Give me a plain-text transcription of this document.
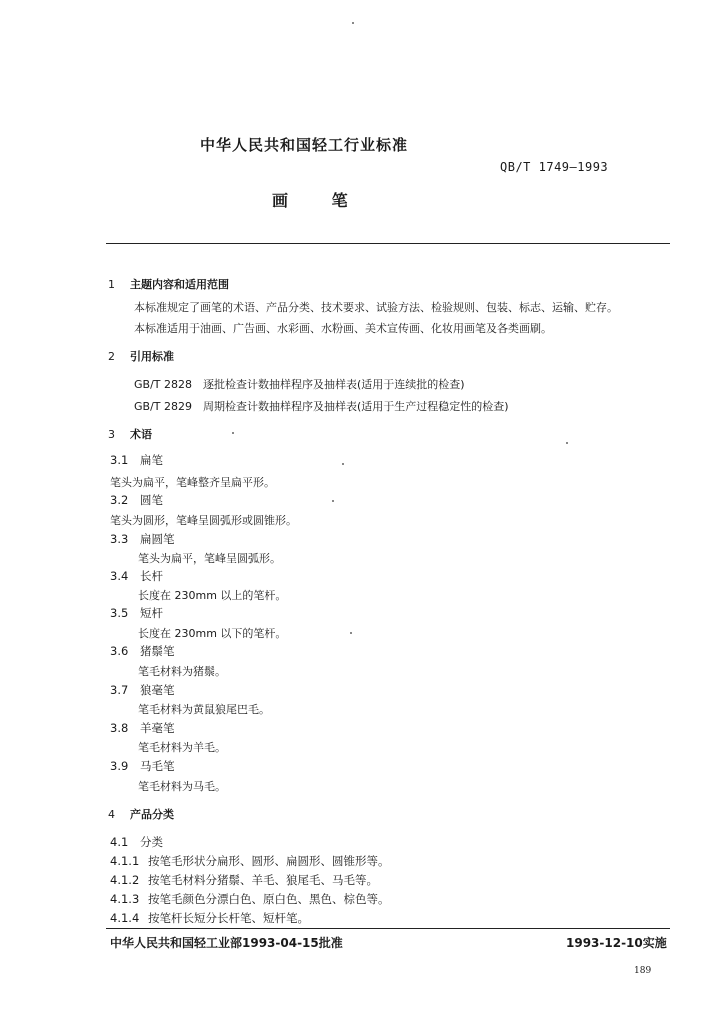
中华人民共和国轻工行业标准
QB/T 1749—1993
画 笔
1 主题内容和适用范围
本标准规定了画笔的术语、产品分类、技术要求、试验方法、检验规则、包装、标志、运输、贮存。
本标准适用于油画、广告画、水彩画、水粉画、美术宣传画、化妆用画笔及各类画刷。
2 引用标准
GB/T 2828　逐批检查计数抽样程序及抽样表(适用于连续批的检查)
GB/T 2829　周期检查计数抽样程序及抽样表(适用于生产过程稳定性的检查)
3 术语
3.1 扁笔
笔头为扁平，笔峰整齐呈扁平形。
3.2 圆笔
笔头为圆形，笔峰呈圆弧形或圆锥形。
3.3 扁圆笔
笔头为扁平，笔峰呈圆弧形。
3.4 长杆
长度在 230mm 以上的笔杆。
3.5 短杆
长度在 230mm 以下的笔杆。
3.6 猪鬃笔
笔毛材料为猪鬃。
3.7 狼毫笔
笔毛材料为黄鼠狼尾巴毛。
3.8 羊毫笔
笔毛材料为羊毛。
3.9 马毛笔
笔毛材料为马毛。
4 产品分类
4.1 分类
4.1.1 按笔毛形状分扁形、圆形、扁圆形、圆锥形等。
4.1.2 按笔毛材料分猪鬃、羊毛、狼尾毛、马毛等。
4.1.3 按笔毛颜色分漂白色、原白色、黑色、棕色等。
4.1.4 按笔杆长短分长杆笔、短杆笔。
中华人民共和国轻工业部1993-04-15批准	1993-12-10实施
189
